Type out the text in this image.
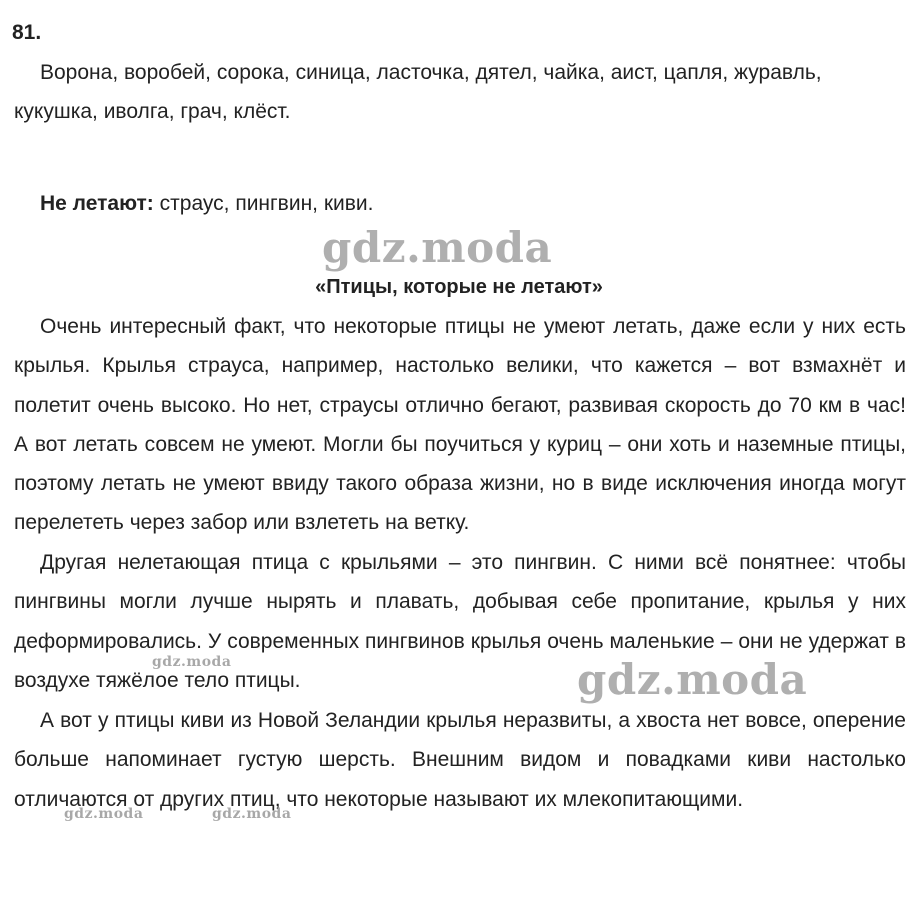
81.

Ворона, воробей, сорока, синица, ласточка, дятел, чайка, аист, цапля, журавль, кукушка, иволга, грач, клёст.

Не летают: страус, пингвин, киви.

gdz.moda
«Птицы, которые не летают»

Очень интересный факт, что некоторые птицы не умеют летать, даже если у них есть крылья. Крылья страуса, например, настолько велики, что кажется – вот взмахнёт и полетит очень высоко. Но нет, страусы отлично бегают, развивая скорость до 70 км в час! А вот летать совсем не умеют. Могли бы поучиться у куриц – они хоть и наземные птицы, поэтому летать не умеют ввиду такого образа жизни, но в виде исключения иногда могут перелететь через забор или взлететь на ветку.

Другая нелетающая птица с крыльями – это пингвин. С ними всё понятнее: чтобы пингвины могли лучше нырять и плавать, добывая себе пропитание, крылья у них деформировались. У современных пингвинов крылья очень маленькие – они не удержат в воздухе тяжёлое тело птицы.

А вот у птицы киви из Новой Зеландии крылья неразвиты, а хвоста нет вовсе, оперение больше напоминает густую шерсть. Внешним видом и повадками киви настолько отличаются от других птиц, что некоторые называют их млекопитающими.

gdz.moda	gdz.moda
gdz.moda	gdz.moda
